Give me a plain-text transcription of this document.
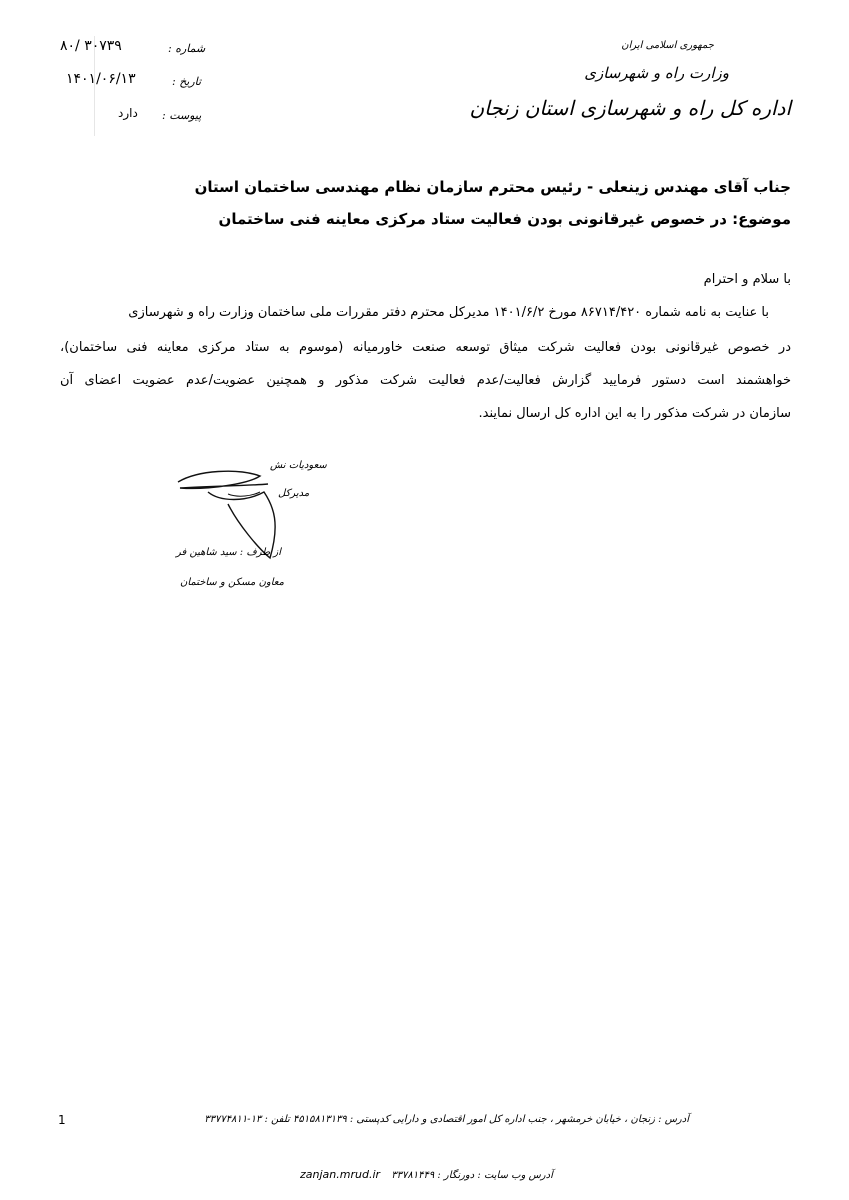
جمهوری اسلامی ایران
وزارت راه و شهرسازی
اداره کل راه و شهرسازی استان زنجان
شماره :
۸۰/ ۳۰۷۳۹
تاریخ :
۱۴۰۱/۰۶/۱۳
پیوست :
دارد
جناب آقای مهندس زینعلی - رئیس محترم سازمان نظام مهندسی ساختمان استان
موضوع: در خصوص غیرقانونی بودن فعالیت ستاد مرکزی معاینه فنی ساختمان
با سلام و احترام
با عنایت به نامه شماره ۸۶۷۱۴/۴۲۰ مورخ ۱۴۰۱/۶/۲ مدیرکل محترم دفتر مقررات ملی ساختمان وزارت راه و شهرسازی
در خصوص غیرقانونی بودن فعالیت شرکت میثاق توسعه صنعت خاورمیانه (موسوم به ستاد مرکزی معاینه فنی ساختمان)،
خواهشمند است دستور فرمایید گزارش فعالیت/عدم فعالیت شرکت مذکور و همچنین عضویت/عدم عضویت اعضای آن
سازمان در شرکت مذکور را به این اداره کل ارسال نمایند.
سعودیات نش
مدیرکل
از طرف : سید شاهین فر
معاون مسکن و ساختمان
1	آدرس : زنجان ، خیابان خرمشهر ، جنب اداره کل امور اقتصادی و دارایی کدپستی : ۴۵۱۵۸۱۳۱۳۹ تلفن : ۱۳-۳۳۷۷۴۸۱۱
zanjan.mrud.ir	آدرس وب سایت : دورنگار : ۳۳۷۸۱۴۴۹
